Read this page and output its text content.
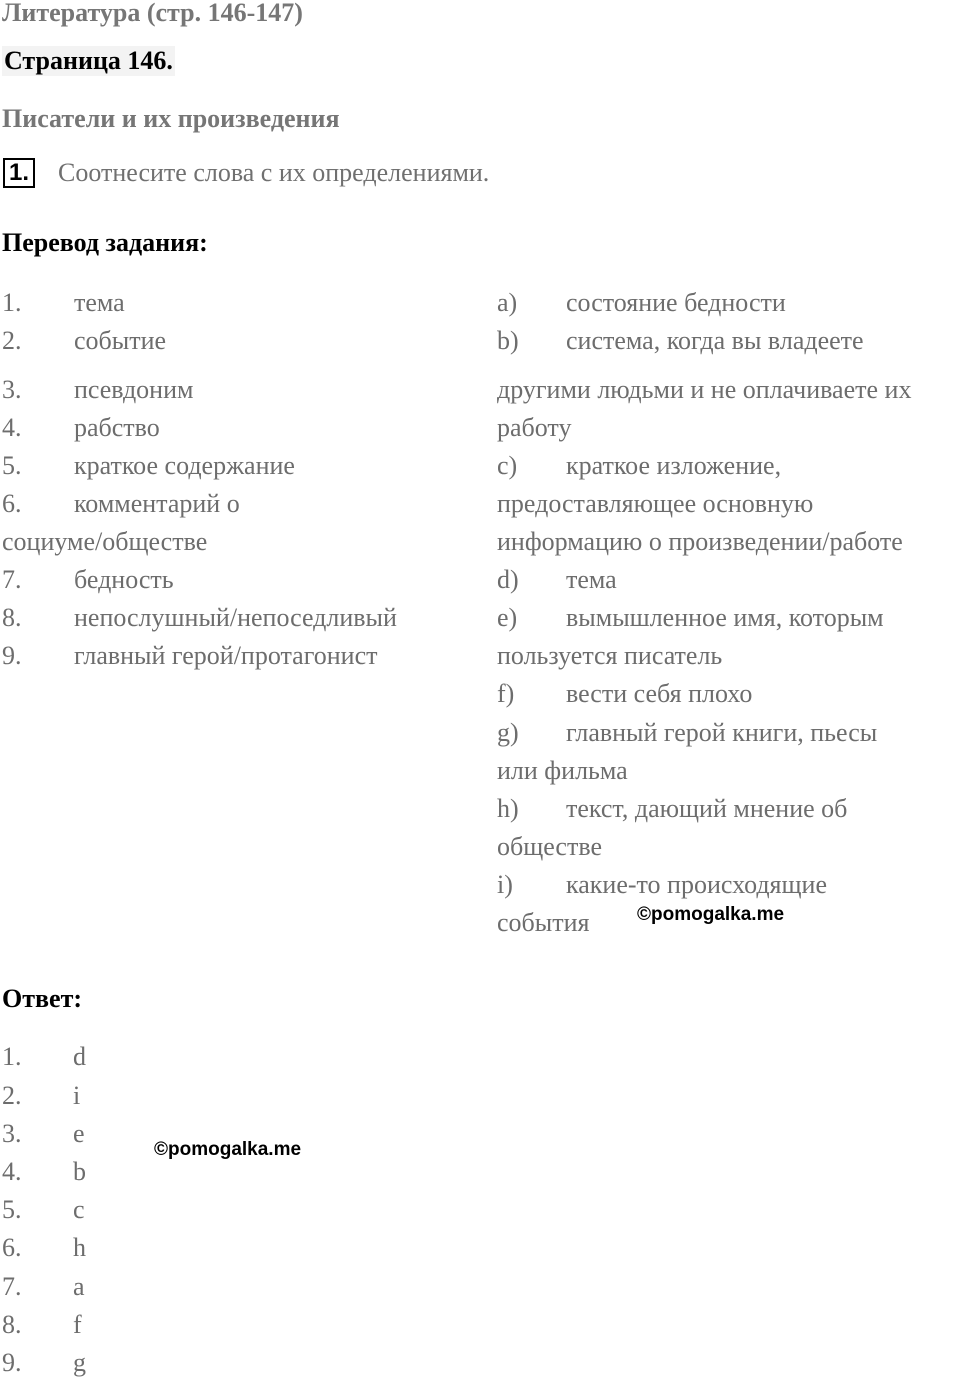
Литература (стр. 146-147)
Страница 146.
Писатели и их произведения
1. Соотнесите слова с их определениями.
Перевод задания:
1. тема
2. событие
3. псевдоним
4. рабство
5. краткое содержание
6. комментарий о
социуме/обществе
7. бедность
8. непослушный/непоседливый
9. главный герой/протагонист
a) состояние бедности
b) система, когда вы владеете
другими людьми и не оплачиваете их
работу
c) краткое изложение,
предоставляющее основную
информацию о произведении/работе
d) тема
e) вымышленное имя, которым
пользуется писатель
f) вести себя плохо
g) главный герой книги, пьесы
или фильма
h) текст, дающий мнение об
обществе
i) какие-то происходящие
события	©pomogalka.me
Ответ:
1. d
2. i
3. e
4. b
5. c
6. h
7. a
8. f
9. g
©pomogalka.me
